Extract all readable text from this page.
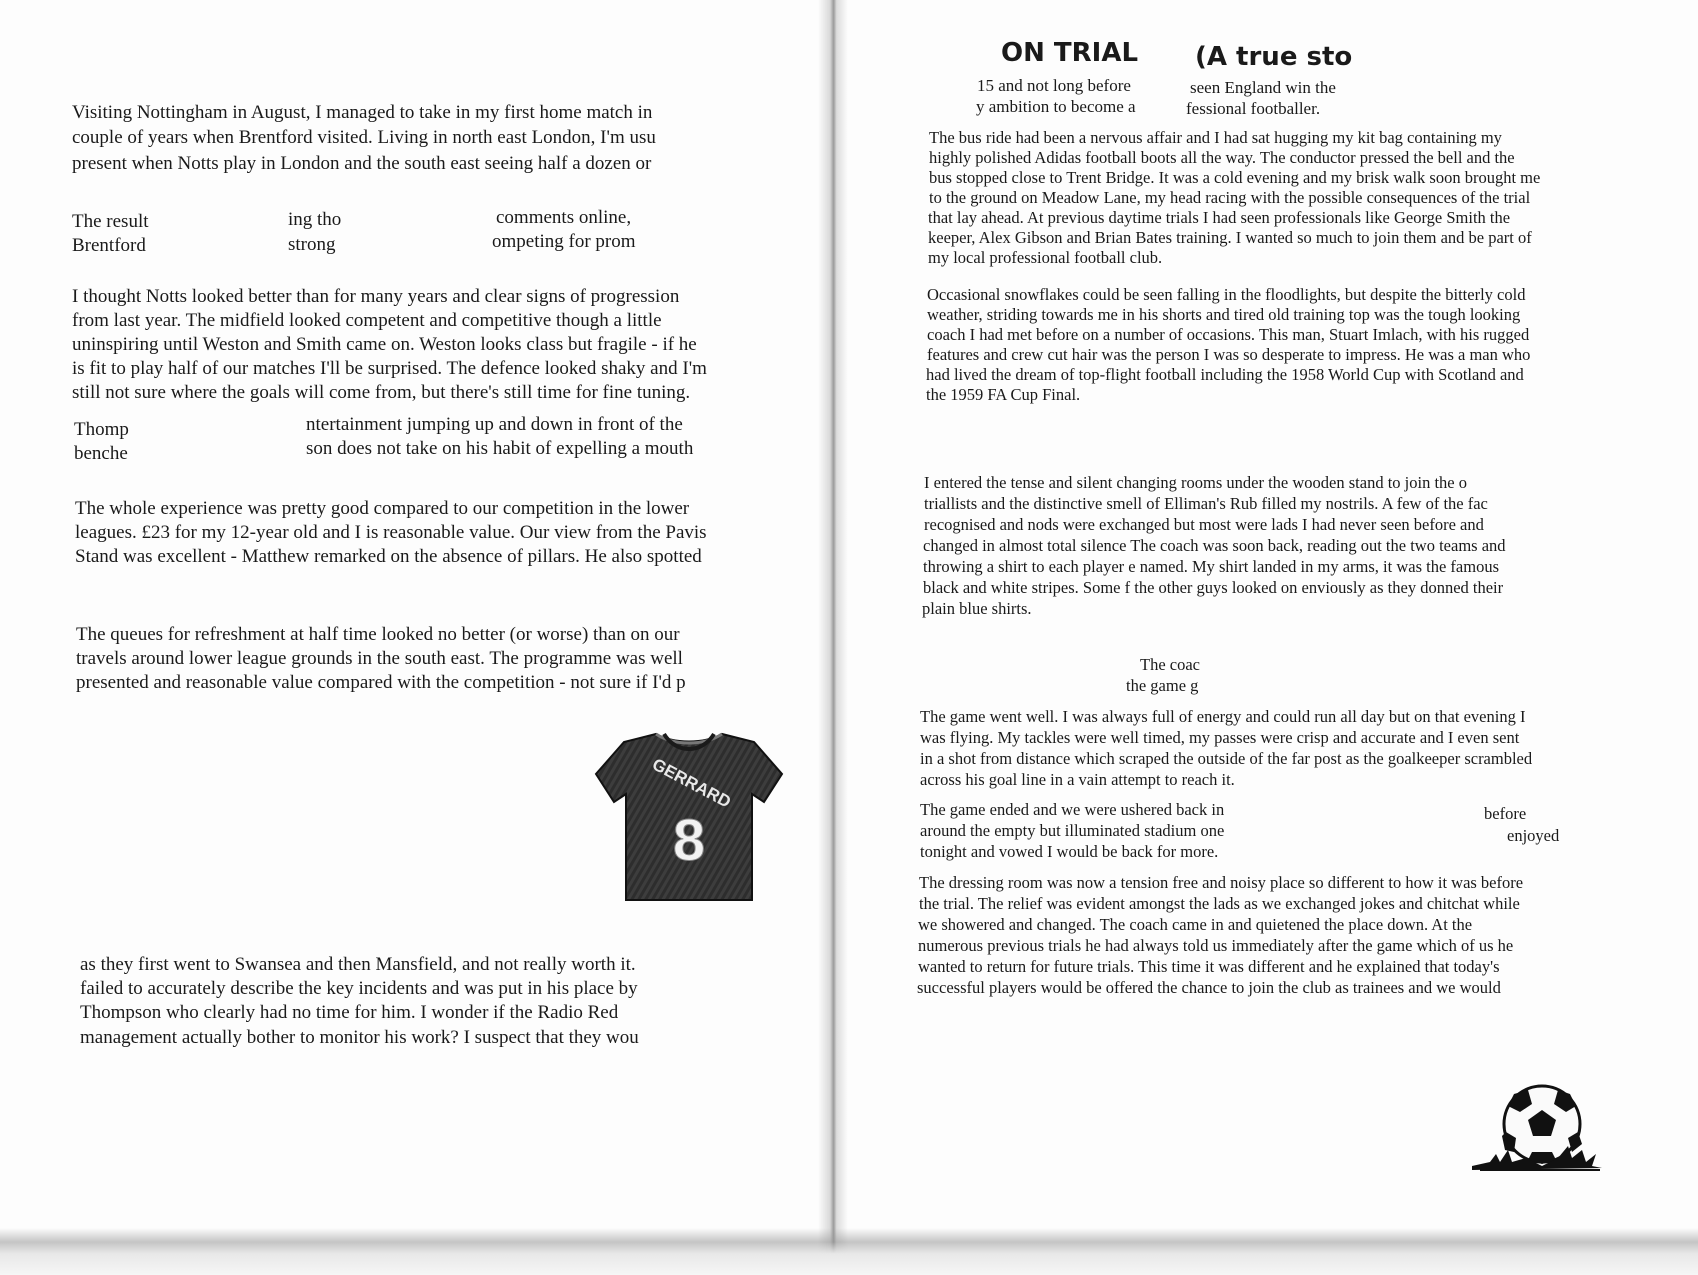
Visiting Nottingham in August, I managed to take in my first home match in

couple of years when Brentford visited. Living in north east London, I'm usu

present when Notts play in London and the south east seeing half a dozen or

The result

Brentford

ing tho

strong

comments online,

ompeting for prom

I thought Notts looked better than for many years and clear signs of progression

from last year. The midfield looked competent and competitive though a little

uninspiring until Weston and Smith came on. Weston looks class but fragile - if he

is fit to play half of our matches I'll be surprised. The defence looked shaky and I'm

still not sure where the goals will come from, but there's still time for fine tuning.

Thomp

benche

ntertainment jumping up and down in front of the

son does not take on his habit of expelling a mouth

The whole experience was pretty good compared to our competition in the lower

leagues. £23 for my 12-year old and I is reasonable value. Our view from the Pavis

Stand was excellent - Matthew remarked on the absence of pillars. He also spotted

The queues for refreshment at half time looked no better (or worse) than on our

travels around lower league grounds in the south east. The programme was well

presented and reasonable value compared with the competition - not sure if I'd p

GERRARD
8

as they first went to Swansea and then Mansfield, and not really worth it.

failed to accurately describe the key incidents and was put in his place by

Thompson who clearly had no time for him. I wonder if the Radio Red

management actually bother to monitor his work? I suspect that they wou

ON TRIAL (A true sto

15 and not long before

y ambition to become a

seen England win the

fessional footballer.

The bus ride had been a nervous affair and I had sat hugging my kit bag containing my

highly polished Adidas football boots all the way. The conductor pressed the bell and the

bus stopped close to Trent Bridge. It was a cold evening and my brisk walk soon brought me

to the ground on Meadow Lane, my head racing with the possible consequences of the trial

that lay ahead. At previous daytime trials I had seen professionals like George Smith the

keeper, Alex Gibson and Brian Bates training. I wanted so much to join them and be part of

my local professional football club.

Occasional snowflakes could be seen falling in the floodlights, but despite the bitterly cold

weather, striding towards me in his shorts and tired old training top was the tough looking

coach I had met before on a number of occasions. This man, Stuart Imlach, with his rugged

features and crew cut hair was the person I was so desperate to impress. He was a man who

had lived the dream of top-flight football including the 1958 World Cup with Scotland and

the 1959 FA Cup Final.

I entered the tense and silent changing rooms under the wooden stand to join the o

triallists and the distinctive smell of Elliman's Rub filled my nostrils. A few of the fac

recognised and nods were exchanged but most were lads I had never seen before and

changed in almost total silence The coach was soon back, reading out the two teams and

throwing a shirt to each player e named. My shirt landed in my arms, it was the famous

black and white stripes. Some f the other guys looked on enviously as they donned their

plain blue shirts.

The coac

the game g

The game went well. I was always full of energy and could run all day but on that evening I

was flying. My tackles were well timed, my passes were crisp and accurate and I even sent

in a shot from distance which scraped the outside of the far post as the goalkeeper scrambled

across his goal line in a vain attempt to reach it.

The game ended and we were ushered back in

around the empty but illuminated stadium one

tonight and vowed I would be back for more.

before

enjoyed

The dressing room was now a tension free and noisy place so different to how it was before

the trial. The relief was evident amongst the lads as we exchanged jokes and chitchat while

we showered and changed. The coach came in and quietened the place down. At the

numerous previous trials he had always told us immediately after the game which of us he

wanted to return for future trials. This time it was different and he explained that today's

successful players would be offered the chance to join the club as trainees and we would
